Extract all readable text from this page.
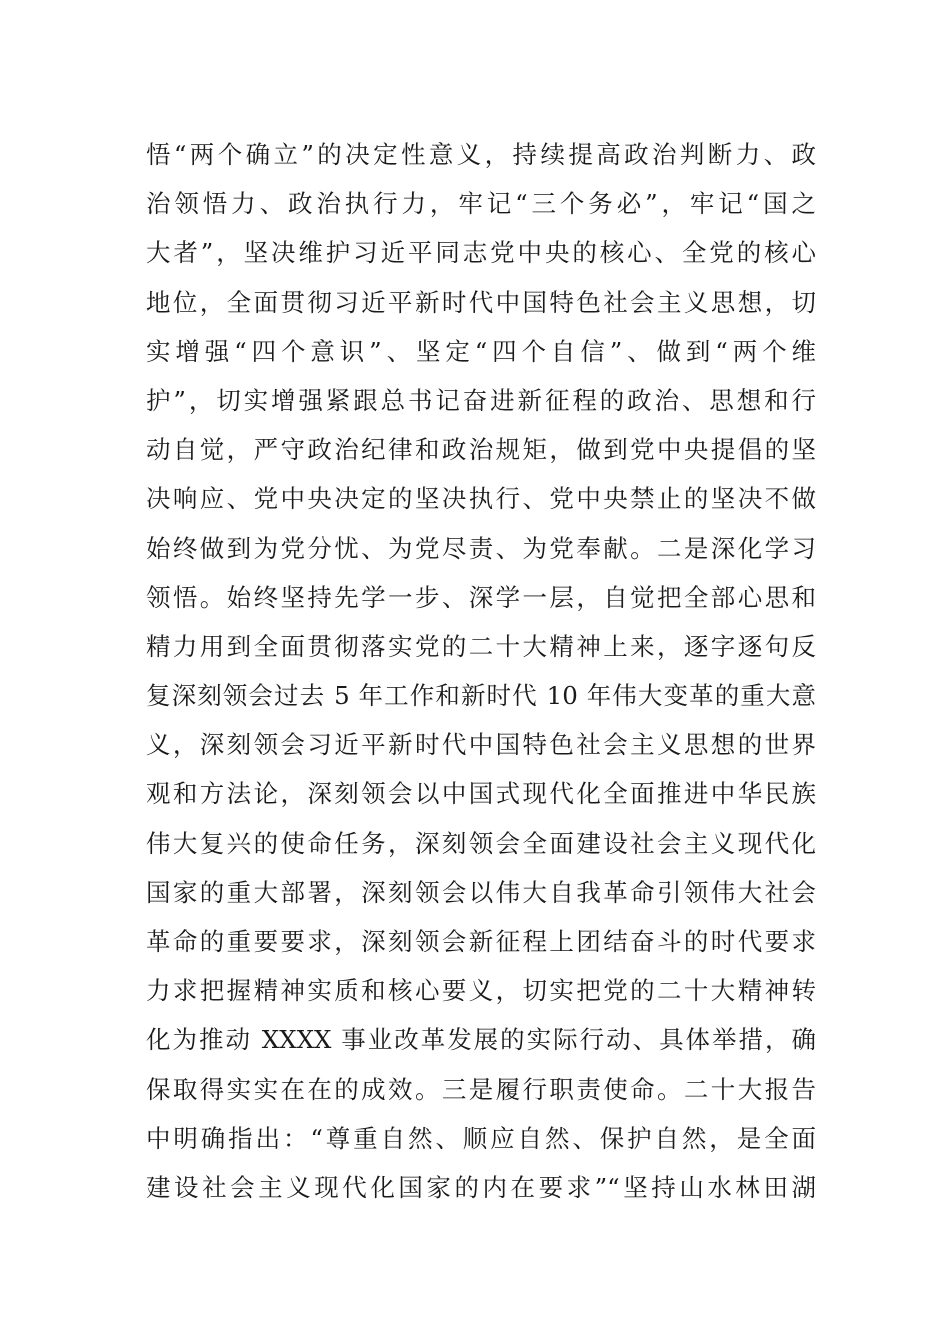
悟“两个确立”的决定性意义，持续提高政治判断力、政
治领悟力、政治执行力，牢记“三个务必”，牢记“国之
大者”，坚决维护习近平同志党中央的核心、全党的核心
地位，全面贯彻习近平新时代中国特色社会主义思想，切
实增强“四个意识”、坚定“四个自信”、做到“两个维
护”，切实增强紧跟总书记奋进新征程的政治、思想和行
动自觉，严守政治纪律和政治规矩，做到党中央提倡的坚
决响应、党中央决定的坚决执行、党中央禁止的坚决不做
始终做到为党分忧、为党尽责、为党奉献。二是深化学习
领悟。始终坚持先学一步、深学一层，自觉把全部心思和
精力用到全面贯彻落实党的二十大精神上来，逐字逐句反
复深刻领会过去 5 年工作和新时代 10 年伟大变革的重大意
义，深刻领会习近平新时代中国特色社会主义思想的世界
观和方法论，深刻领会以中国式现代化全面推进中华民族
伟大复兴的使命任务，深刻领会全面建设社会主义现代化
国家的重大部署，深刻领会以伟大自我革命引领伟大社会
革命的重要要求，深刻领会新征程上团结奋斗的时代要求
力求把握精神实质和核心要义，切实把党的二十大精神转
化为推动 XXXX 事业改革发展的实际行动、具体举措，确
保取得实实在在的成效。三是履行职责使命。二十大报告
中明确指出：“尊重自然、顺应自然、保护自然，是全面
建设社会主义现代化国家的内在要求”“坚持山水林田湖
